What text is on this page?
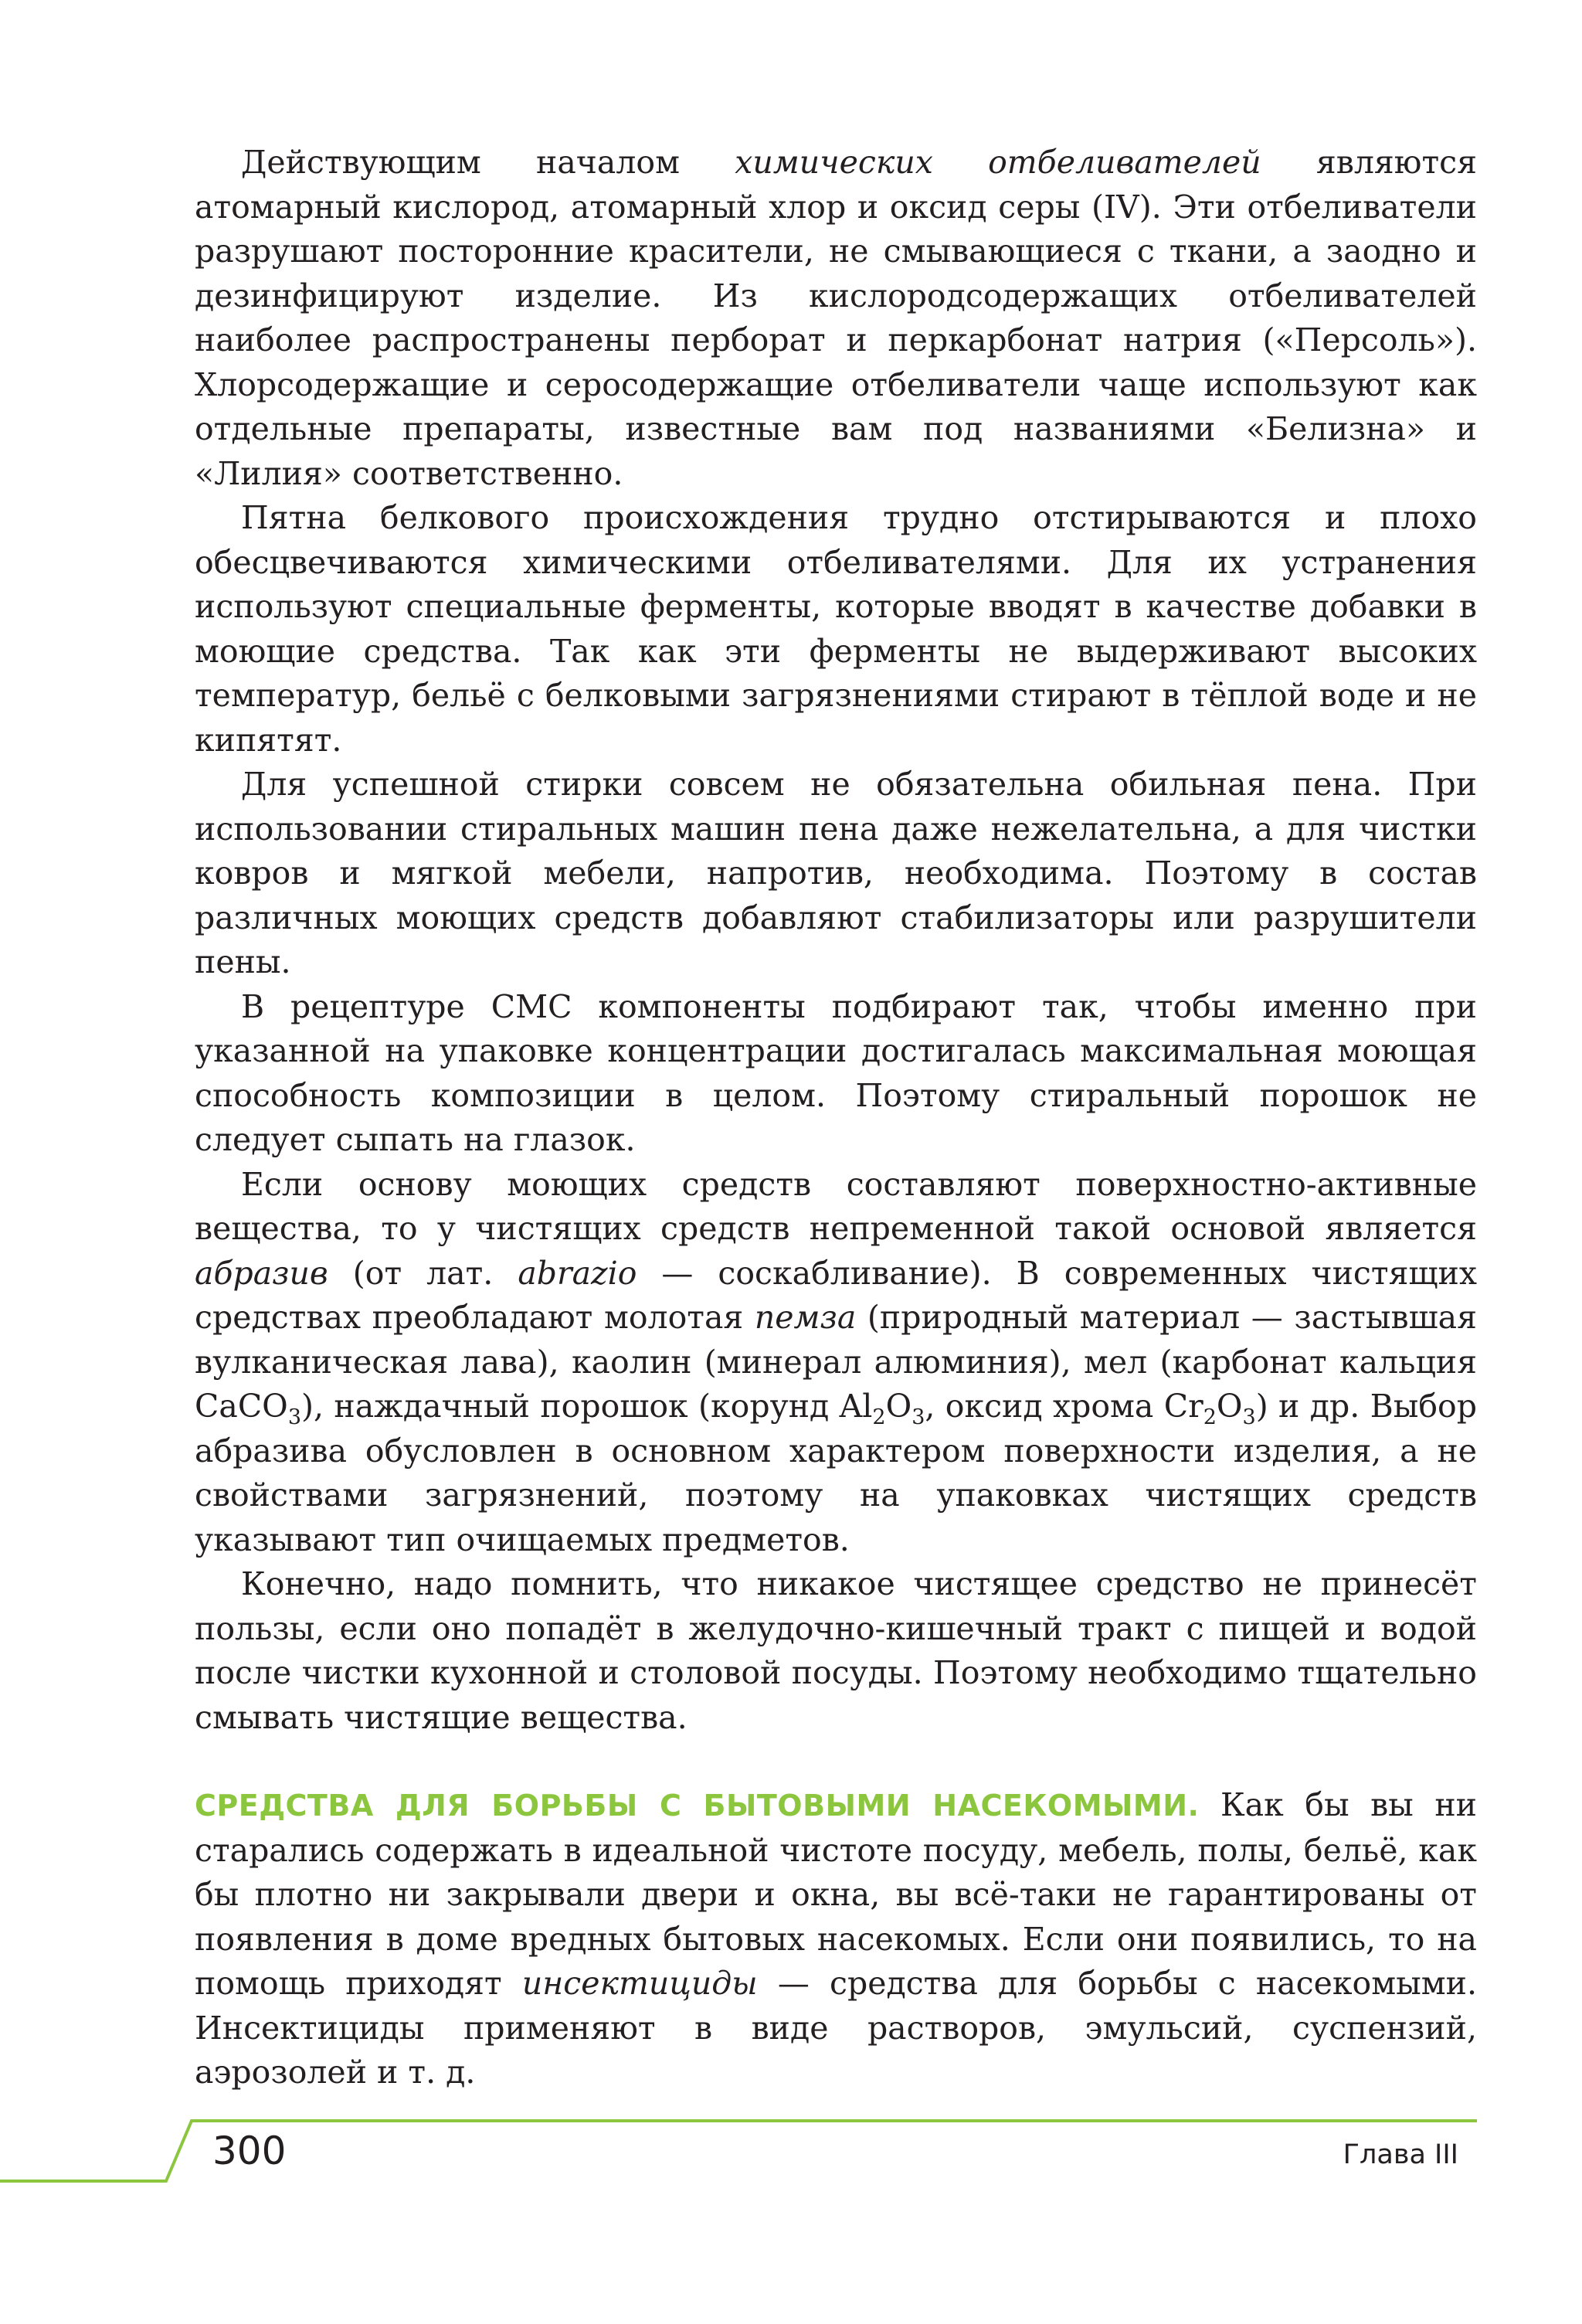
Действующим началом химических отбеливателей являются атомарный кислород, атомарный хлор и оксид серы (IV). Эти отбеливатели разрушают посторонние красители, не смывающиеся с ткани, а заодно и дезинфицируют изделие. Из кислородсодержащих отбеливателей наиболее распространены перборат и перкарбонат натрия («Персоль»). Хлорсодержащие и серосодержащие отбеливатели чаще используют как отдельные препараты, известные вам под названиями «Белизна» и «Лилия» соответственно.

Пятна белкового происхождения трудно отстирываются и плохо обесцвечиваются химическими отбеливателями. Для их устранения используют специальные ферменты, которые вводят в качестве добавки в моющие средства. Так как эти ферменты не выдерживают высоких температур, бельё с белковыми загрязнениями стирают в тёплой воде и не кипятят.

Для успешной стирки совсем не обязательна обильная пена. При использовании стиральных машин пена даже нежелательна, а для чистки ковров и мягкой мебели, напротив, необходима. Поэтому в состав различных моющих средств добавляют стабилизаторы или разрушители пены.

В рецептуре СМС компоненты подбирают так, чтобы именно при указанной на упаковке концентрации достигалась максимальная моющая способность композиции в целом. Поэтому стиральный порошок не следует сыпать на глазок.

Если основу моющих средств составляют поверхностно-активные вещества, то у чистящих средств непременной такой основой является абразив (от лат. abrazio — соскабливание). В современных чистящих средствах преобладают молотая пемза (природный материал — застывшая вулканическая лава), каолин (минерал алюминия), мел (карбонат кальция CaCO$_3$), наждачный порошок (корунд $Al_2O_3$, оксид хрома $Cr_2O_3$) и др. Выбор абразива обусловлен в основном характером поверхности изделия, а не свойствами загрязнений, поэтому на упаковках чистящих средств указывают тип очищаемых предметов.

Конечно, надо помнить, что никакое чистящее средство не принесёт пользы, если оно попадёт в желудочно-кишечный тракт с пищей и водой после чистки кухонной и столовой посуды. Поэтому необходимо тщательно смывать чистящие вещества.

СРЕДСТВА ДЛЯ БОРЬБЫ С БЫТОВЫМИ НАСЕКОМЫМИ. Как бы вы ни старались содержать в идеальной чистоте посуду, мебель, полы, бельё, как бы плотно ни закрывали двери и окна, вы всё-таки не гарантированы от появления в доме вредных бытовых насекомых. Если они появились, то на помощь приходят инсектициды — средства для борьбы с насекомыми. Инсектициды применяют в виде растворов, эмульсий, суспензий, аэрозолей и т. д.

300	Глава III
